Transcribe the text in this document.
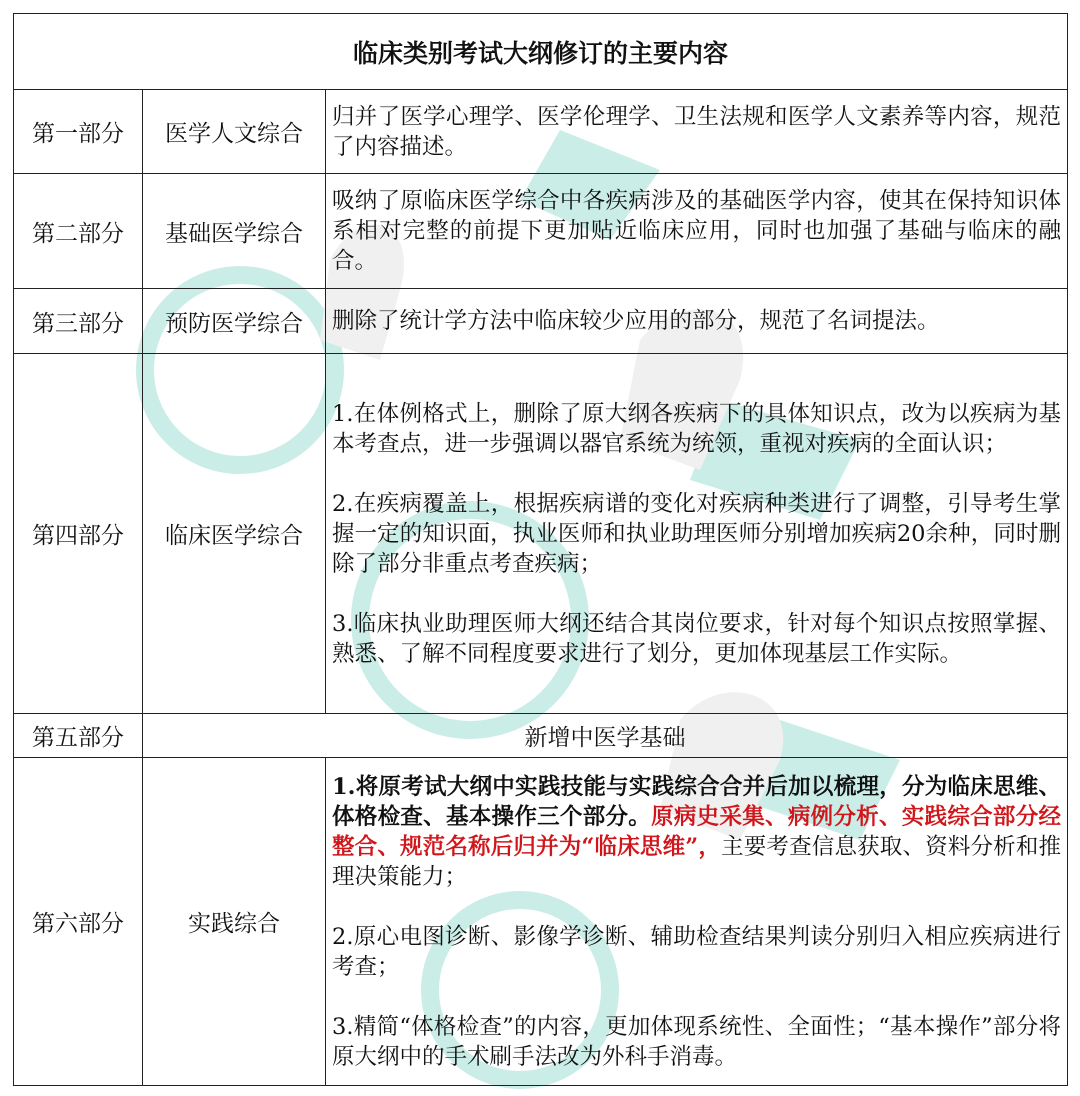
临床类别考试大纲修订的主要内容		
第一部分	医学人文综合	归并了医学心理学、医学伦理学、卫生法规和医学人文素养等内容，规范了内容描述。

第二部分	基础医学综合	吸纳了原临床医学综合中各疾病涉及的基础医学内容，使其在保持知识体系相对完整的前提下更加贴近临床应用，同时也加强了基础与临床的融合。

第三部分	预防医学综合	删除了统计学方法中临床较少应用的部分，规范了名词提法。

第四部分	临床医学综合	1.在体例格式上，删除了原大纲各疾病下的具体知识点，改为以疾病为基本考查点，进一步强调以器官系统为统领，重视对疾病的全面认识；

2.在疾病覆盖上，根据疾病谱的变化对疾病种类进行了调整，引导考生掌握一定的知识面，执业医师和执业助理医师分别增加疾病20余种，同时删除了部分非重点考查疾病；

3.临床执业助理医师大纲还结合其岗位要求，针对每个知识点按照掌握、熟悉、了解不同程度要求进行了划分，更加体现基层工作实际。

第五部分	新增中医学基础	
第六部分	实践综合	1.将原考试大纲中实践技能与实践综合合并后加以梳理，分为临床思维、体格检查、基本操作三个部分。原病史采集、病例分析、实践综合部分经整合、规范名称后归并为“临床思维”，主要考查信息获取、资料分析和推理决策能力；

2.原心电图诊断、影像学诊断、辅助检查结果判读分别归入相应疾病进行考查；

3.精简“体格检查”的内容，更加体现系统性、全面性；“基本操作”部分将原大纲中的手术刷手法改为外科手消毒。
